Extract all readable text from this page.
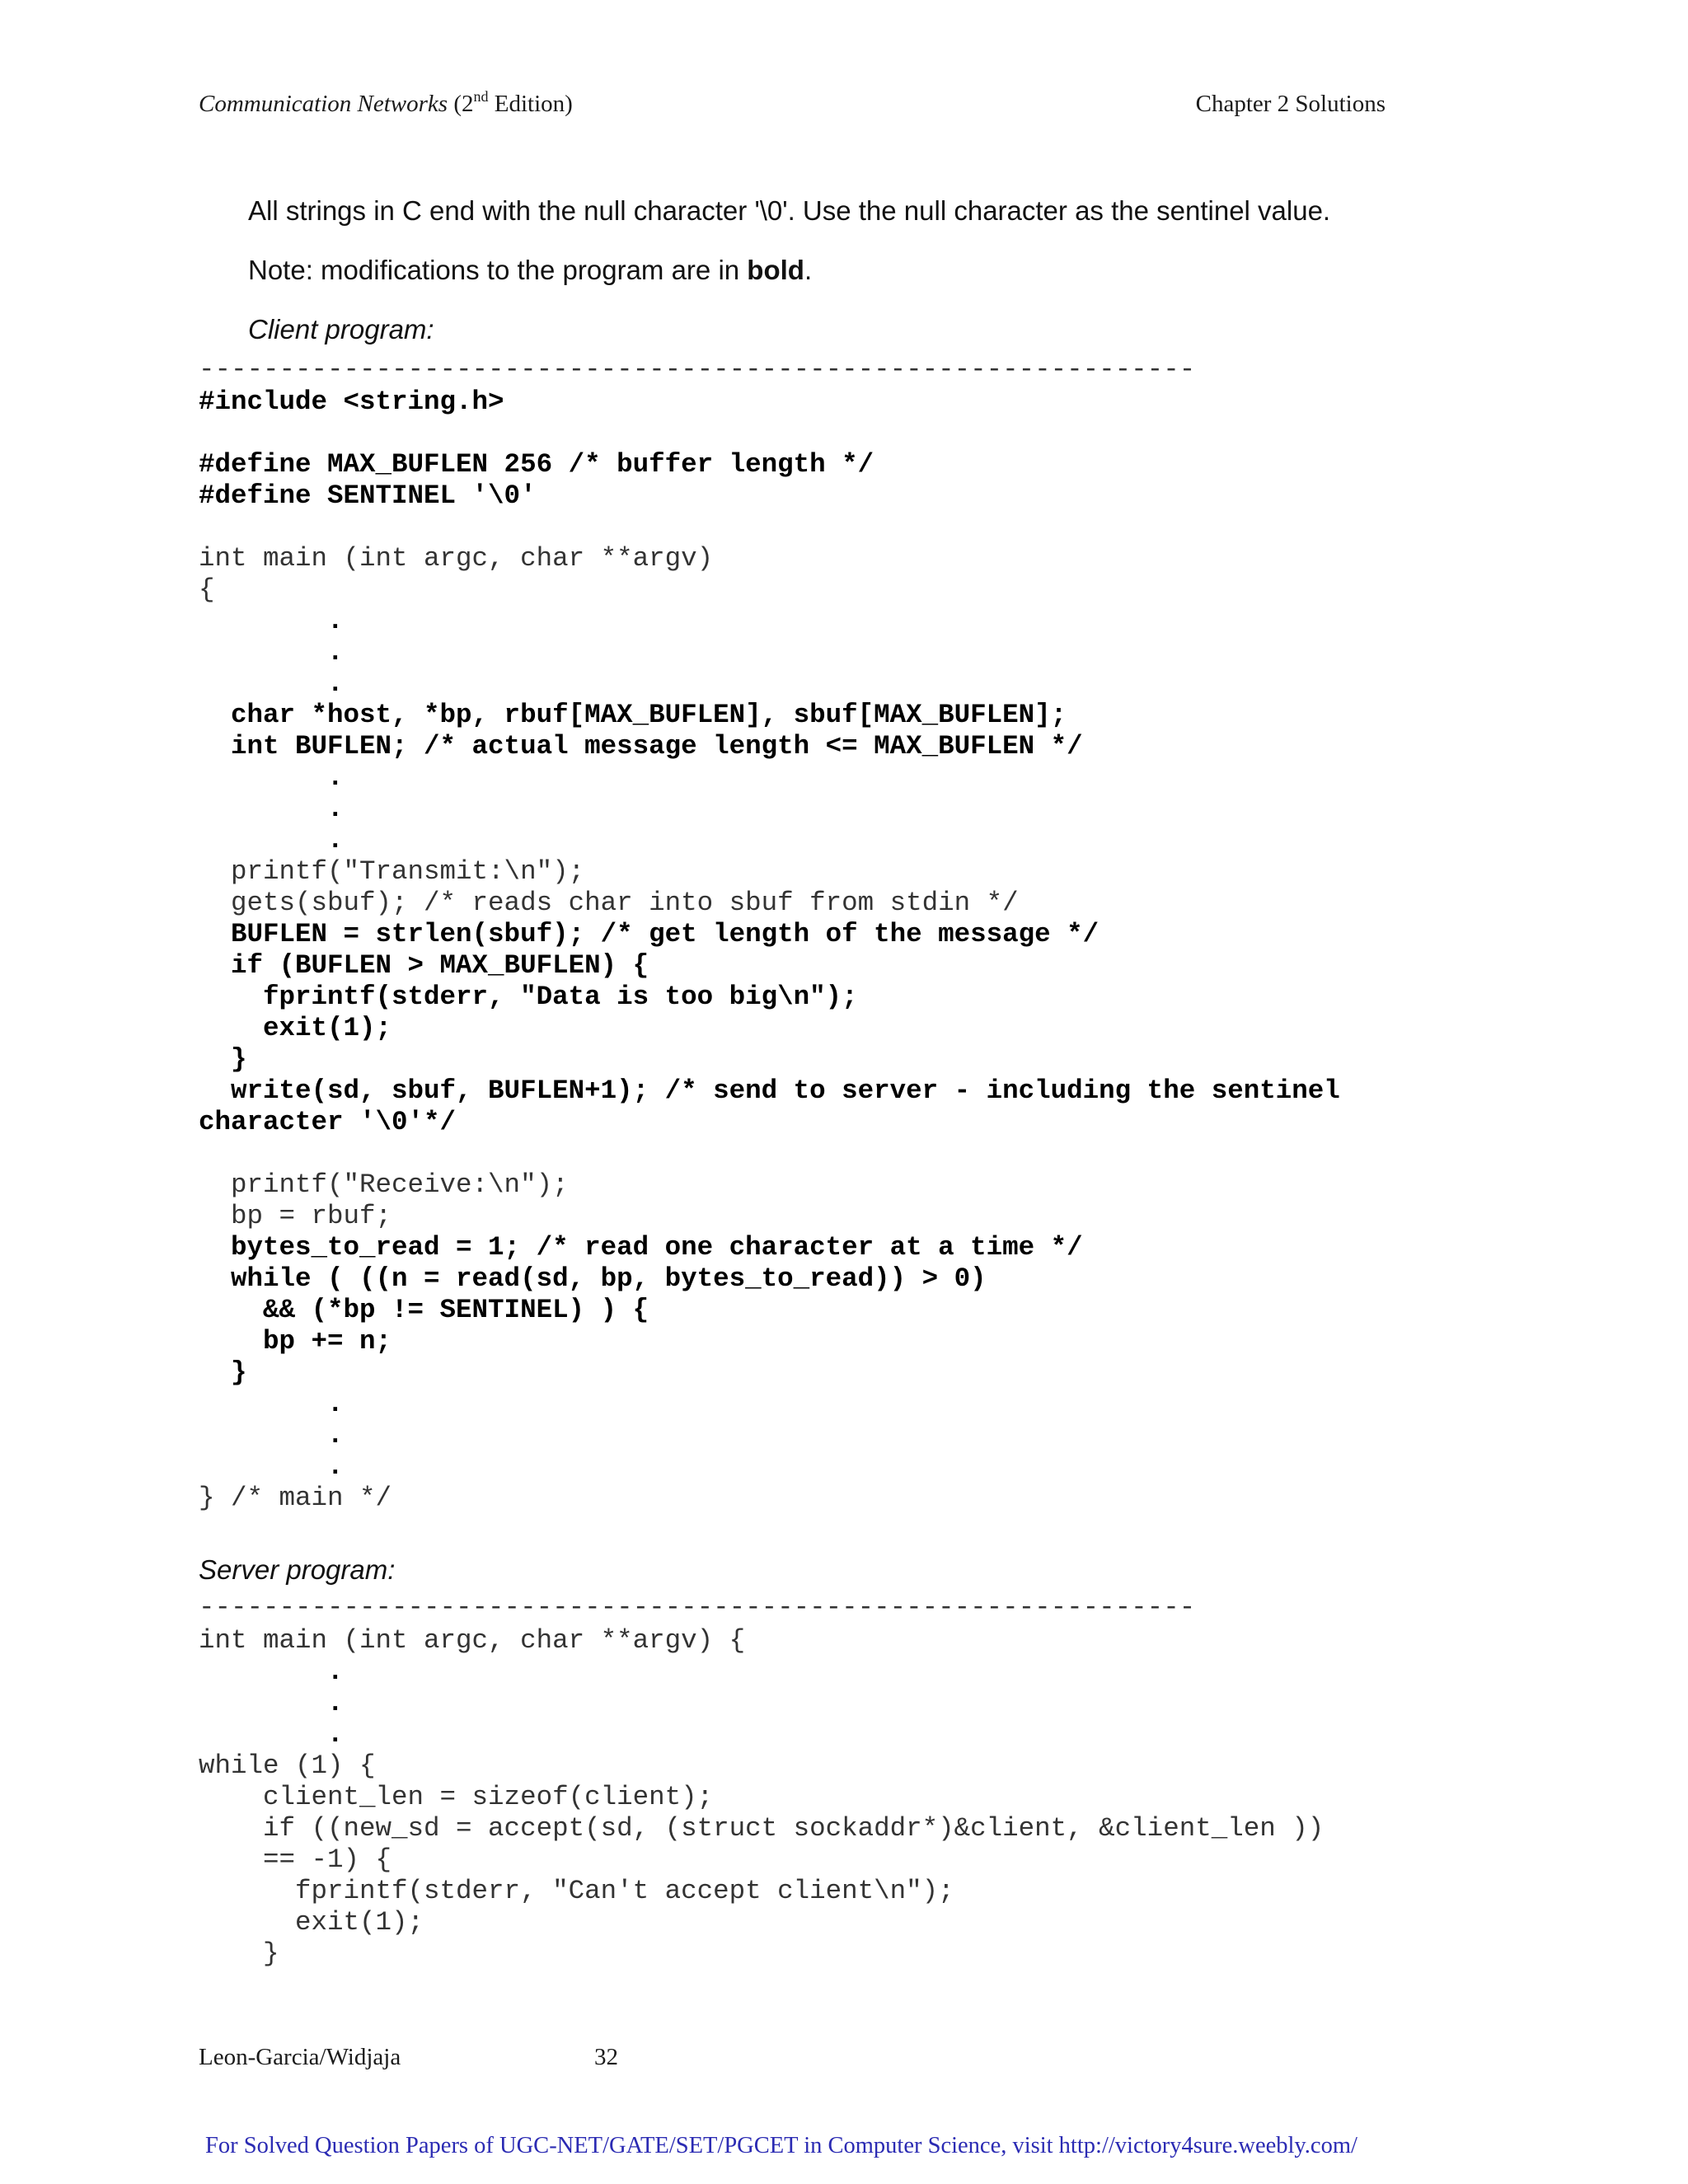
Communication Networks (2nd Edition)	Chapter 2 Solutions
All strings in C end with the null character '\0'. Use the null character as the sentinel value.
Note: modifications to the program are in bold.
Client program:
--------------------------------------------------------------
#include <string.h>
#define MAX_BUFLEN 256 /* buffer length */
#define SENTINEL '\0'
int main (int argc, char **argv)
{
.
.
.
char *host, *bp, rbuf[MAX_BUFLEN], sbuf[MAX_BUFLEN];
int BUFLEN; /* actual message length <= MAX_BUFLEN */
.
.
.
printf("Transmit:\n");
gets(sbuf); /* reads char into sbuf from stdin */
BUFLEN = strlen(sbuf); /* get length of the message */
if (BUFLEN > MAX_BUFLEN) {
fprintf(stderr, "Data is too big\n");
exit(1);
}
write(sd, sbuf, BUFLEN+1); /* send to server - including the sentinel
character '\0'*/
printf("Receive:\n");
bp = rbuf;
bytes_to_read = 1; /* read one character at a time */
while ( ((n = read(sd, bp, bytes_to_read)) > 0)
&& (*bp != SENTINEL) ) {
bp += n;
}
.
.
.
} /* main */
Server program:
--------------------------------------------------------------
int main (int argc, char **argv) {
.
.
.
while (1) {
client_len = sizeof(client);
if ((new_sd = accept(sd, (struct sockaddr*)&client, &client_len ))
== -1) {
fprintf(stderr, "Can't accept client\n");
exit(1);
}
Leon-Garcia/Widjaja	32
For Solved Question Papers of UGC-NET/GATE/SET/PGCET in Computer Science, visit http://victory4sure.weebly.com/
